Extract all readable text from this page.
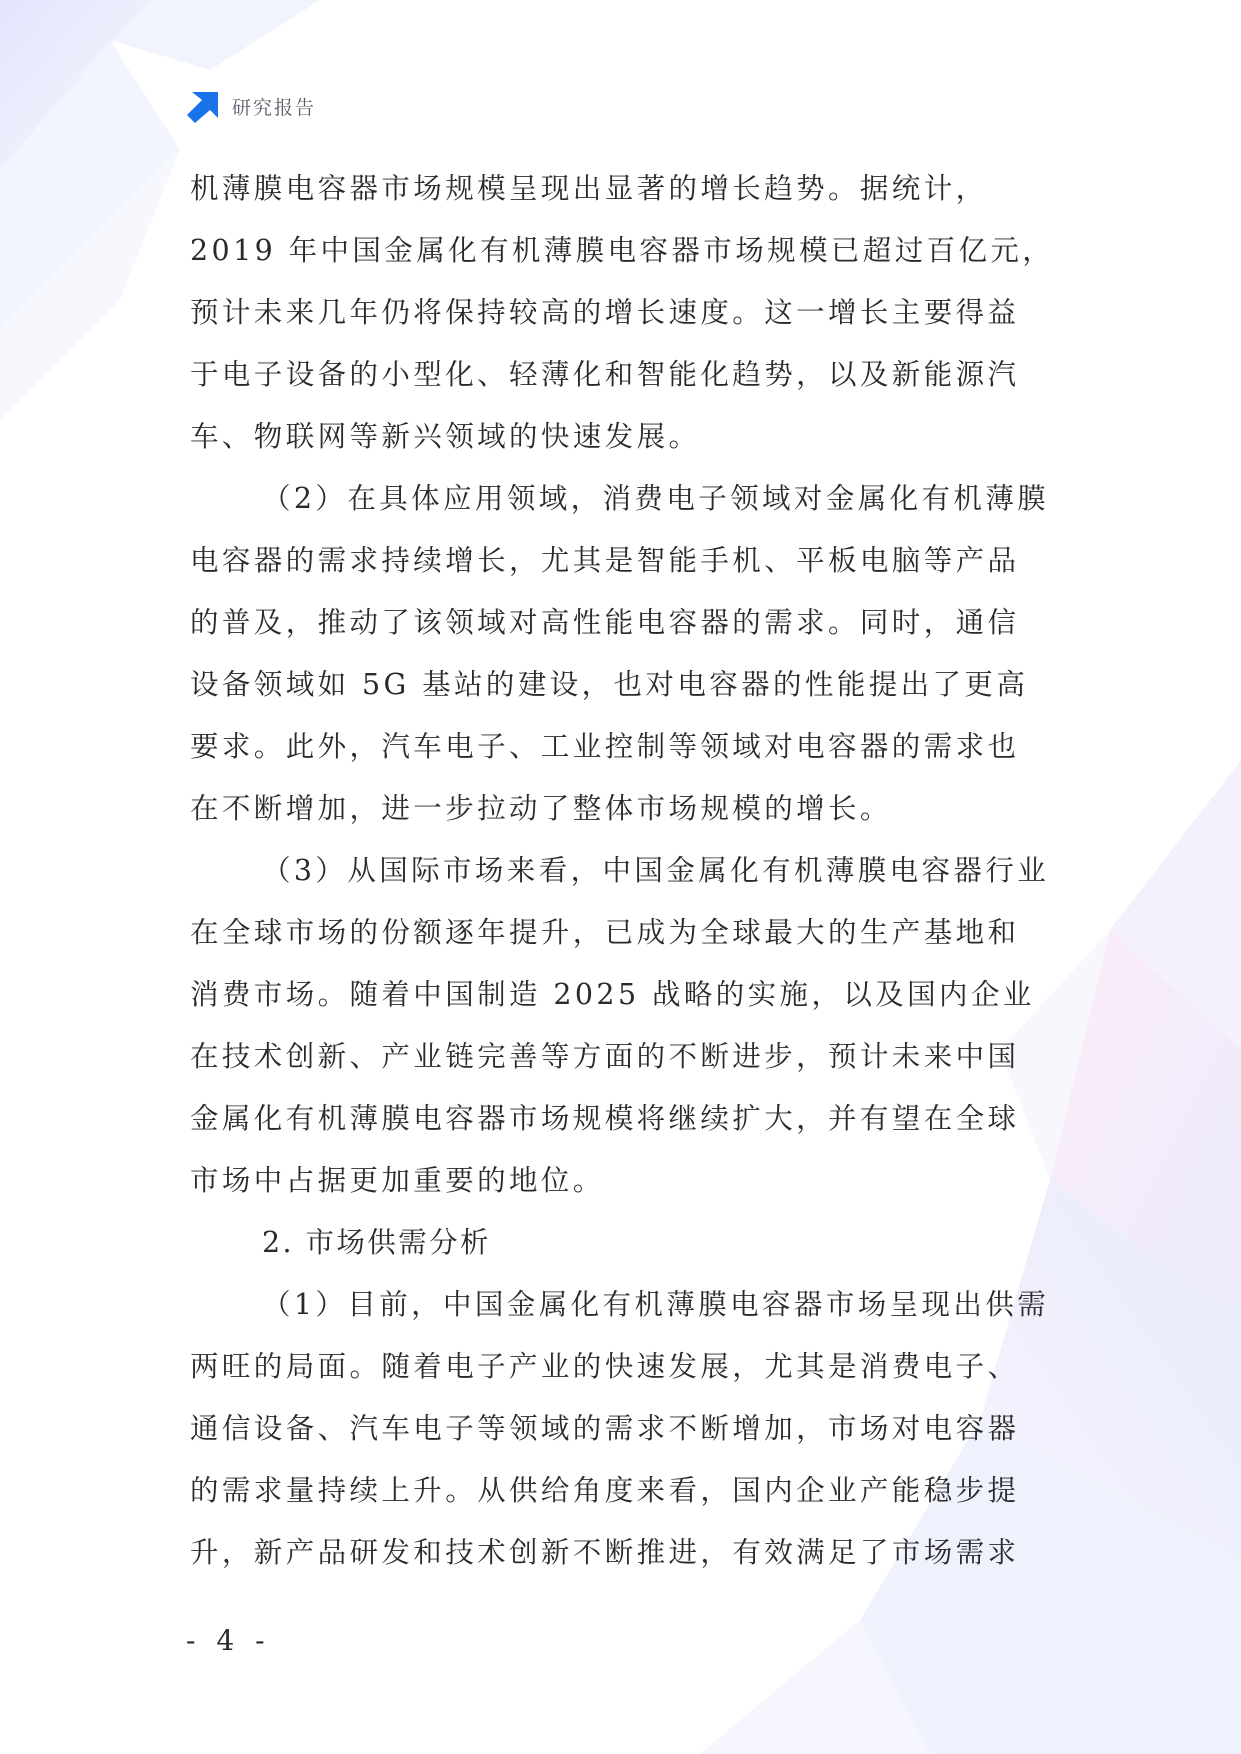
研究报告
机薄膜电容器市场规模呈现出显著的增长趋势。据统计，
2019 年中国金属化有机薄膜电容器市场规模已超过百亿元，
预计未来几年仍将保持较高的增长速度。这一增长主要得益
于电子设备的小型化、轻薄化和智能化趋势，以及新能源汽
车、物联网等新兴领域的快速发展。
（2）在具体应用领域，消费电子领域对金属化有机薄膜
电容器的需求持续增长，尤其是智能手机、平板电脑等产品
的普及，推动了该领域对高性能电容器的需求。同时，通信
设备领域如 5G 基站的建设，也对电容器的性能提出了更高
要求。此外，汽车电子、工业控制等领域对电容器的需求也
在不断增加，进一步拉动了整体市场规模的增长。
（3）从国际市场来看，中国金属化有机薄膜电容器行业
在全球市场的份额逐年提升，已成为全球最大的生产基地和
消费市场。随着中国制造 2025 战略的实施，以及国内企业
在技术创新、产业链完善等方面的不断进步，预计未来中国
金属化有机薄膜电容器市场规模将继续扩大，并有望在全球
市场中占据更加重要的地位。
2. 市场供需分析
（1）目前，中国金属化有机薄膜电容器市场呈现出供需
两旺的局面。随着电子产业的快速发展，尤其是消费电子、
通信设备、汽车电子等领域的需求不断增加，市场对电容器
的需求量持续上升。从供给角度来看，国内企业产能稳步提
升，新产品研发和技术创新不断推进，有效满足了市场需求
- 4 -
